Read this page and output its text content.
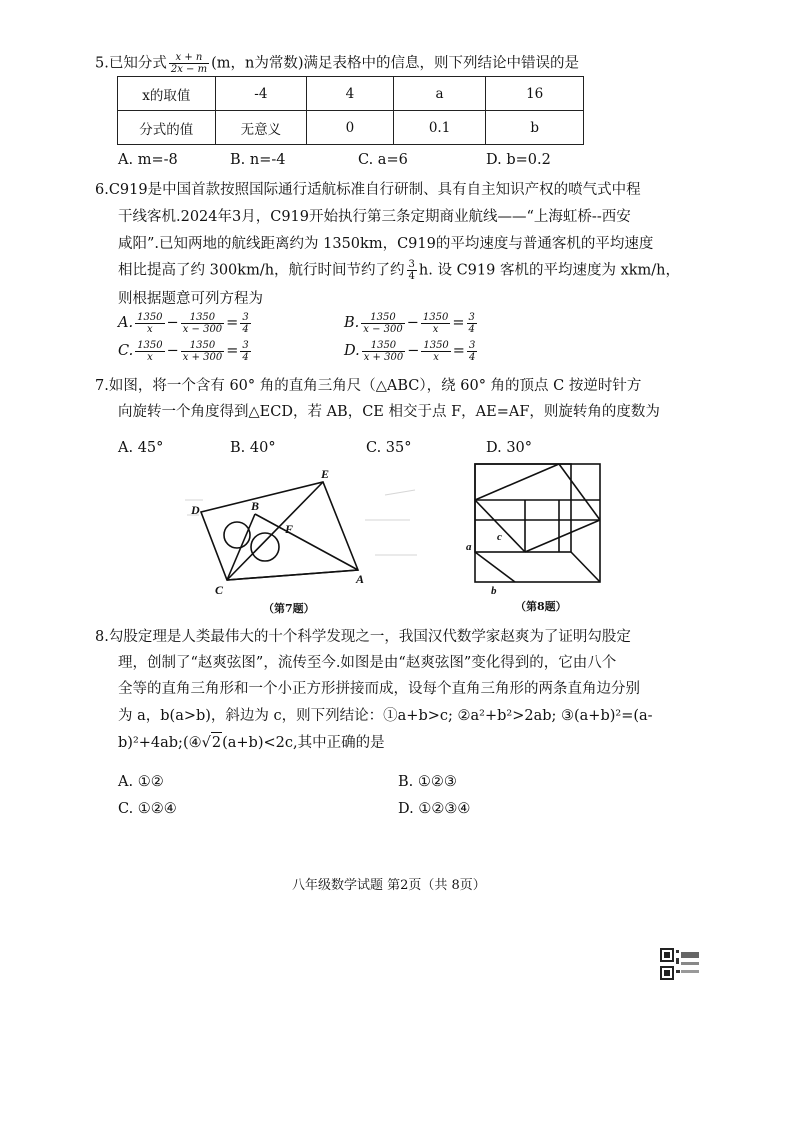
5.已知分式 $\frac{x + n}{2x - m} (m$，n为常数)满足表格中的信息，则下列结论中错误的是
x的取值	-4	4	a	16
分式的值	无意义	0	0.1	b
A. m=-8	B. n=-4	C. a=6	D. b=0.2
6.C919是中国首款按照国际通行适航标准自行研制、具有自主知识产权的喷气式中程
干线客机.2024年3月，C919开始执行第三条定期商业航线——“上海虹桥--西安
咸阳”.已知两地的航线距离约为 1350km，C919的平均速度与普通客机的平均速度
相比提高了约 300km/h，航行时间节约了约 $\frac{3}{4} h$. 设 C919 客机的平均速度为 xkm/h，
则根据题意可列方程为
A. $\frac{1350}{x} - \frac{1350}{x - 300} = \frac{3}{4}$	B. $\frac{1350}{x - 300} - \frac{1350}{x} = \frac{3}{4}$
C. $\frac{1350}{x} - \frac{1350}{x + 300} = \frac{3}{4}$	D. $\frac{1350}{x + 300} - \frac{1350}{x} = \frac{3}{4}$
7.如图，将一个含有 60° 角的直角三角尺（△ABC），绕 60° 角的顶点 C 按逆时针方
向旋转一个角度得到△ECD，若 AB，CE 相交于点 F，AE=AF，则旋转角的度数为
A. 45°	B. 40°	C. 35°	D. 30°
D	B
F
E
C
A
（第7题）
a
b
c
（第8题）
8.勾股定理是人类最伟大的十个科学发现之一，我国汉代数学家赵爽为了证明勾股定
理，创制了“赵爽弦图”，流传至今.如图是由“赵爽弦图”变化得到的，它由八个
全等的直角三角形和一个小正方形拼接而成，设每个直角三角形的两条直角边分别
为 a，b(a>b)，斜边为 c，则下列结论：①a+b>c; ②a²+b²>2ab; ③(a+b)²=(a-
b)²+4ab;(④√2(a+b)<2c,其中正确的是
A. ①②	B. ①②③
C. ①②④	D. ①②③④
八年级数学试题 第2页（共 8页）
